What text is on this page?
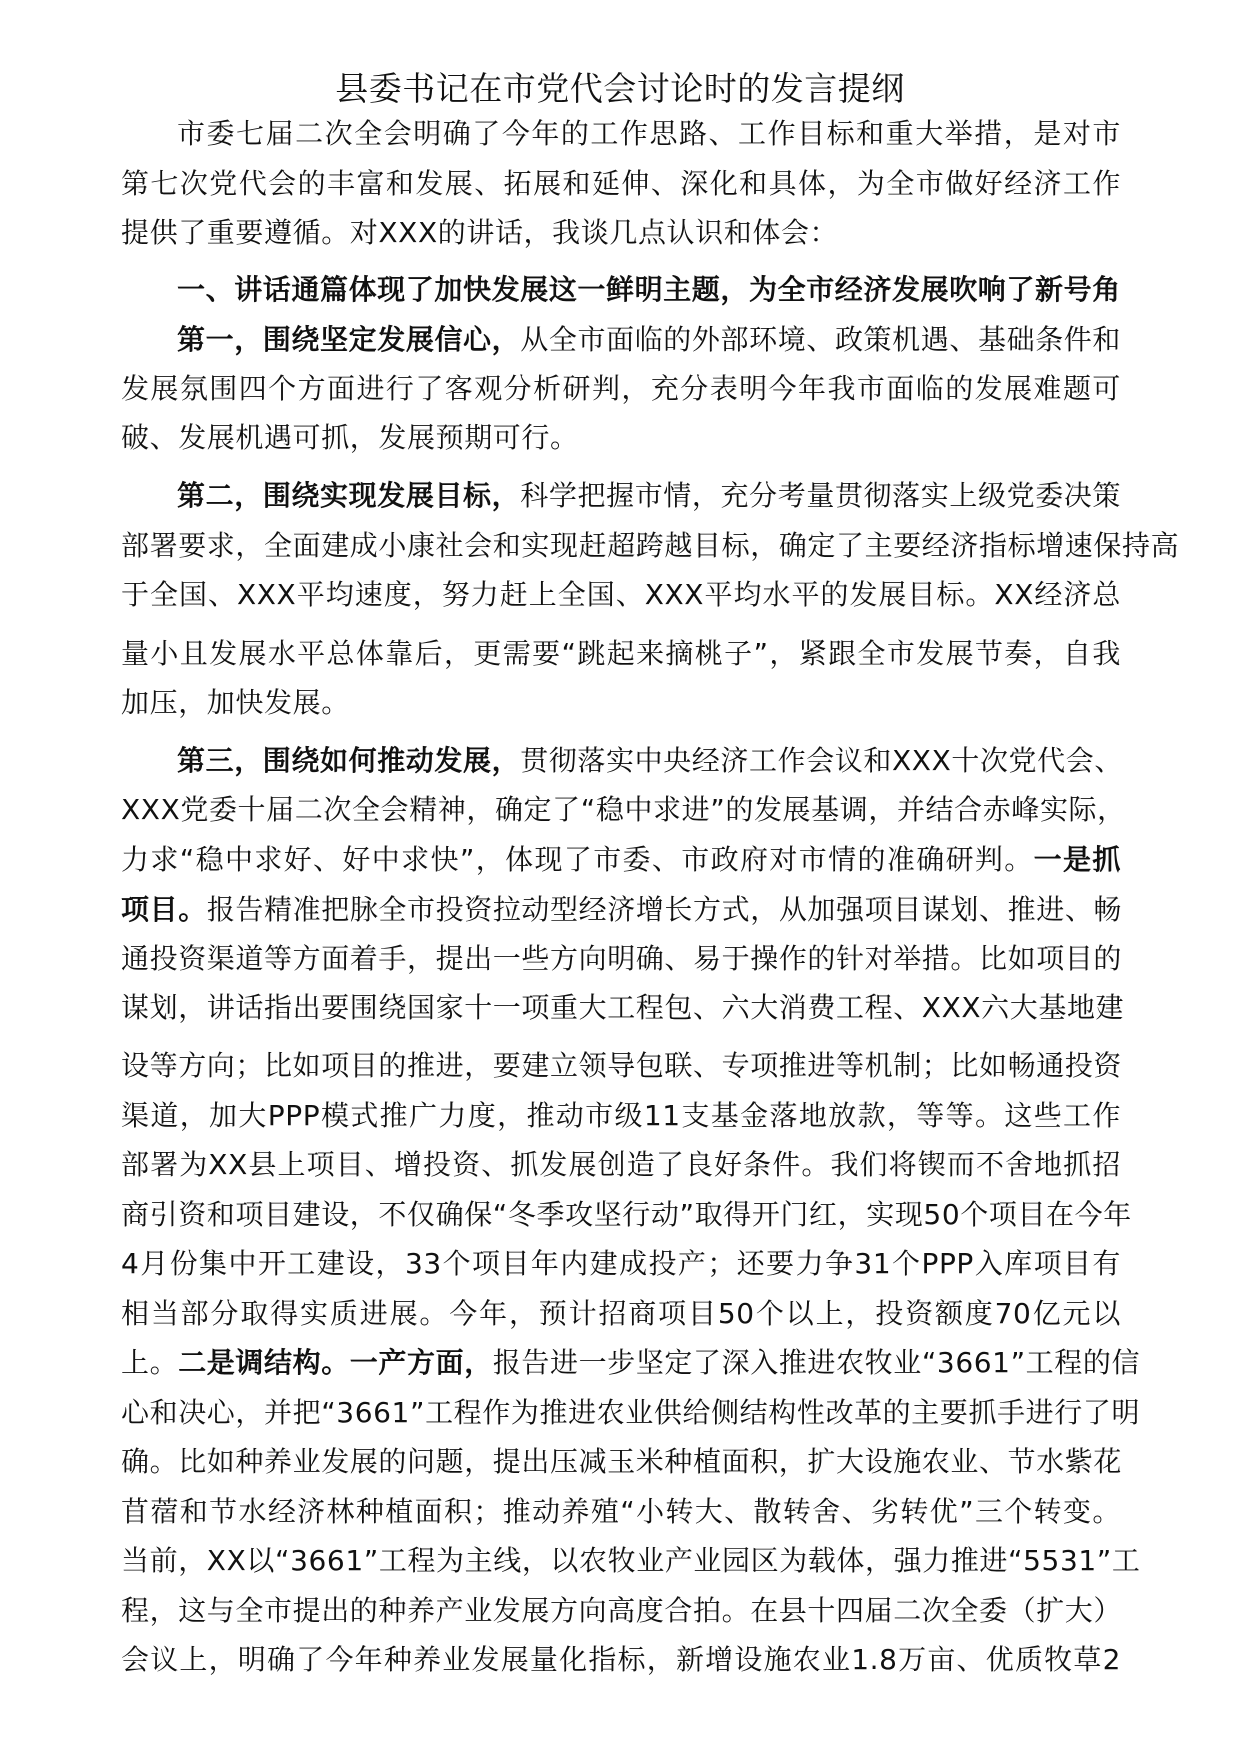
县委书记在市党代会讨论时的发言提纲
市委七届二次全会明确了今年的工作思路、工作目标和重大举措，是对市
第七次党代会的丰富和发展、拓展和延伸、深化和具体，为全市做好经济工作
提供了重要遵循。对XXX的讲话，我谈几点认识和体会：
一、讲话通篇体现了加快发展这一鲜明主题，为全市经济发展吹响了新号角
第一，围绕坚定发展信心，从全市面临的外部环境、政策机遇、基础条件和
发展氛围四个方面进行了客观分析研判，充分表明今年我市面临的发展难题可
破、发展机遇可抓，发展预期可行。
第二，围绕实现发展目标，科学把握市情，充分考量贯彻落实上级党委决策
部署要求，全面建成小康社会和实现赶超跨越目标，确定了主要经济指标增速保持高
于全国、XXX平均速度，努力赶上全国、XXX平均水平的发展目标。XX经济总
量小且发展水平总体靠后，更需要“跳起来摘桃子”，紧跟全市发展节奏，自我
加压，加快发展。
第三，围绕如何推动发展，贯彻落实中央经济工作会议和XXX十次党代会、
XXX党委十届二次全会精神，确定了“稳中求进”的发展基调，并结合赤峰实际，
力求“稳中求好、好中求快”，体现了市委、市政府对市情的准确研判。一是抓
项目。报告精准把脉全市投资拉动型经济增长方式，从加强项目谋划、推进、畅
通投资渠道等方面着手，提出一些方向明确、易于操作的针对举措。比如项目的
谋划，讲话指出要围绕国家十一项重大工程包、六大消费工程、XXX六大基地建
设等方向；比如项目的推进，要建立领导包联、专项推进等机制；比如畅通投资
渠道，加大PPP模式推广力度，推动市级11支基金落地放款，等等。这些工作
部署为XX县上项目、增投资、抓发展创造了良好条件。我们将锲而不舍地抓招
商引资和项目建设，不仅确保“冬季攻坚行动”取得开门红，实现50个项目在今年
4月份集中开工建设，33个项目年内建成投产；还要力争31个PPP入库项目有
相当部分取得实质进展。今年，预计招商项目50个以上，投资额度70亿元以
上。二是调结构。一产方面，报告进一步坚定了深入推进农牧业“3661”工程的信
心和决心，并把“3661”工程作为推进农业供给侧结构性改革的主要抓手进行了明
确。比如种养业发展的问题，提出压减玉米种植面积，扩大设施农业、节水紫花
苜蓿和节水经济林种植面积；推动养殖“小转大、散转舍、劣转优”三个转变。
当前，XX以“3661”工程为主线，以农牧业产业园区为载体，强力推进“5531”工
程，这与全市提出的种养产业发展方向高度合拍。在县十四届二次全委（扩大）
会议上，明确了今年种养业发展量化指标，新增设施农业1.8万亩、优质牧草2
